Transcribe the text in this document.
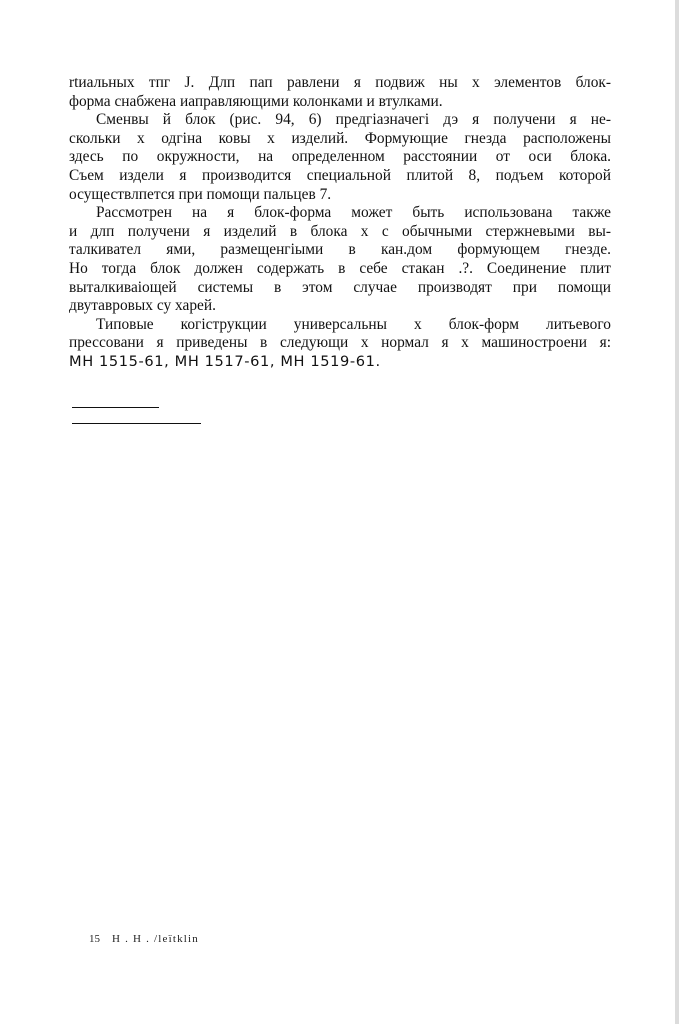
rtиальных тпг J. Длп пап равлени я подвиж ны х элементов блок-
форма снабжена иаправляющими колонками и втулками.

Сменвы й блок (рис. 94, 6) предгiазначегi дэ я получени я не-
скольки х одгiна ковы х изделий. Формующие гнезда расположены
здесь по окружности, на определенном расстоянии от оси блока.
Съем издели я производится специальной плитой 8, подъем которой
осуществлпется при помощи пальцев 7.

Рассмотрен на я блок-форма может быть использована также
и длп получени я изделий в блока х с обычными стержневыми вы-
талкивател ями, размещенгiыми в кан.дом формующем гнезде.
Но тогда блок должен содержать в себе стакан .?. Соединение плит
выталкиваiощей системы в этом случае производят при помощи
двутавровых су харей.

Типовые когiструкции универсальны х блок-форм литьевого
прессовани я приведены в следующи х нормал я х машиностроени я:
МН 1515-61, МН 1517-61, МН 1519-61.

15 Н . Н . /leïtklin
